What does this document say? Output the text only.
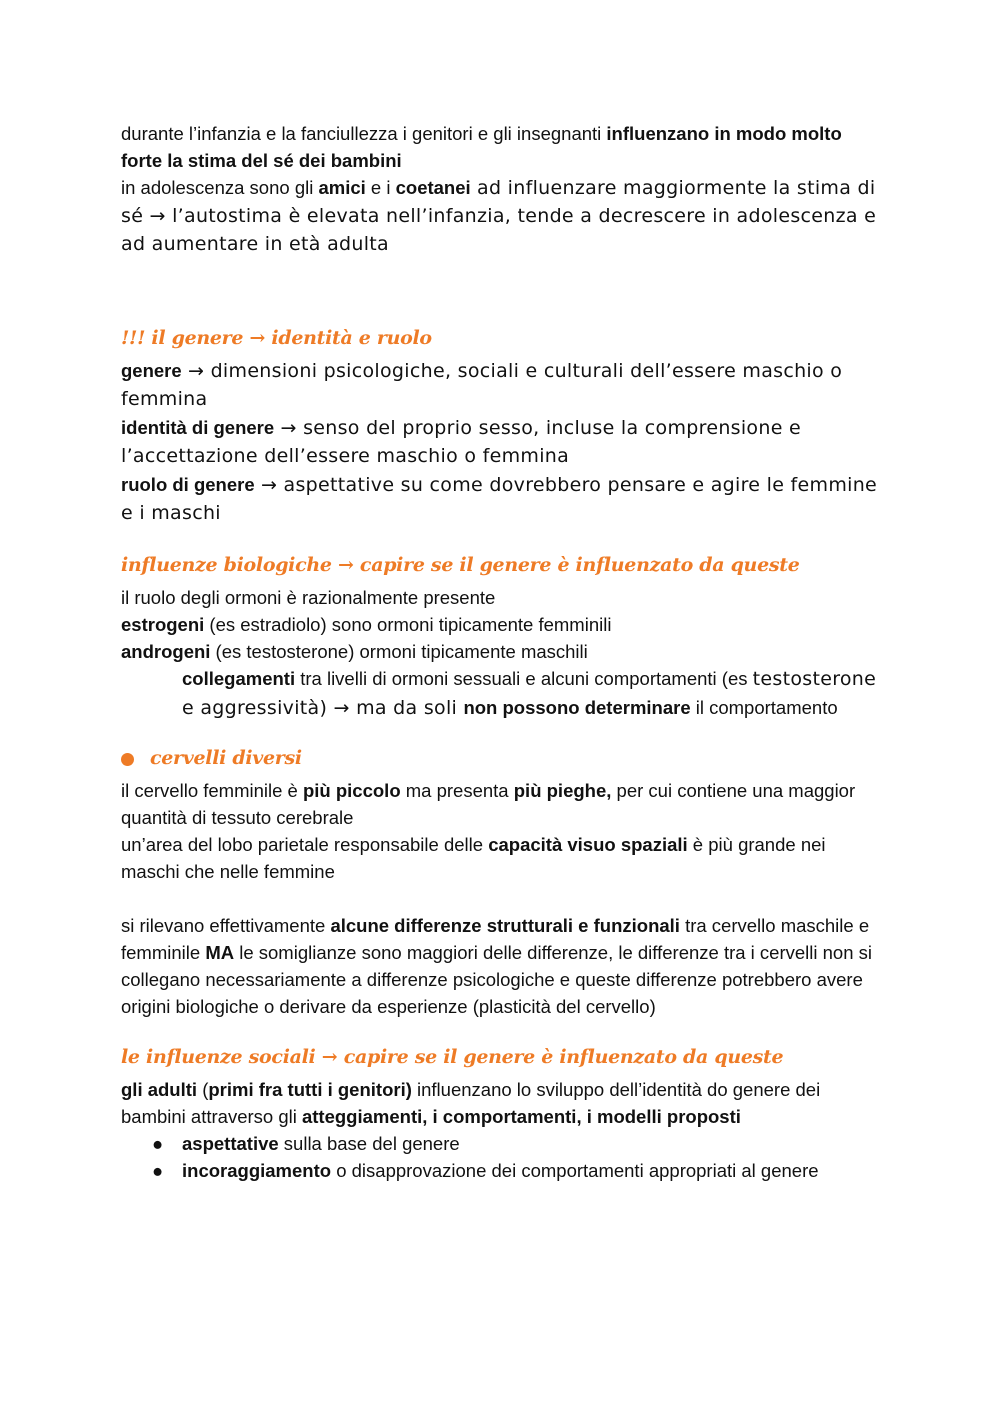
durante l’infanzia e la fanciullezza i genitori e gli insegnanti influenzano in modo molto forte la stima del sé dei bambini

in adolescenza sono gli amici e i coetanei ad influenzare maggiormente la stima di sé → l’autostima è elevata nell’infanzia, tende a decrescere in adolescenza e ad aumentare in età adulta

!!! il genere → identità e ruolo

genere → dimensioni psicologiche, sociali e culturali dell’essere maschio o femmina

identità di genere → senso del proprio sesso, incluse la comprensione e l’accettazione dell’essere maschio o femmina

ruolo di genere → aspettative su come dovrebbero pensare e agire le femmine e i maschi

influenze biologiche → capire se il genere è influenzato da queste

il ruolo degli ormoni è razionalmente presente

estrogeni (es estradiolo) sono ormoni tipicamente femminili

androgeni (es testosterone) ormoni tipicamente maschili

collegamenti tra livelli di ormoni sessuali e alcuni comportamenti (es testosterone e aggressività) → ma da soli non possono determinare il comportamento

cervelli diversi

il cervello femminile è più piccolo ma presenta più pieghe, per cui contiene una maggior quantità di tessuto cerebrale

un’area del lobo parietale responsabile delle capacità visuo spaziali è più grande nei maschi che nelle femmine

si rilevano effettivamente alcune differenze strutturali e funzionali tra cervello maschile e femminile MA le somiglianze sono maggiori delle differenze, le differenze tra i cervelli non si collegano necessariamente a differenze psicologiche e queste differenze potrebbero avere origini biologiche o derivare da esperienze (plasticità del cervello)

le influenze sociali → capire se il genere è influenzato da queste

gli adulti (primi fra tutti i genitori) influenzano lo sviluppo dell’identità do genere dei bambini attraverso gli atteggiamenti, i comportamenti, i modelli proposti

● aspettative sulla base del genere
● incoraggiamento o disapprovazione dei comportamenti appropriati al genere
